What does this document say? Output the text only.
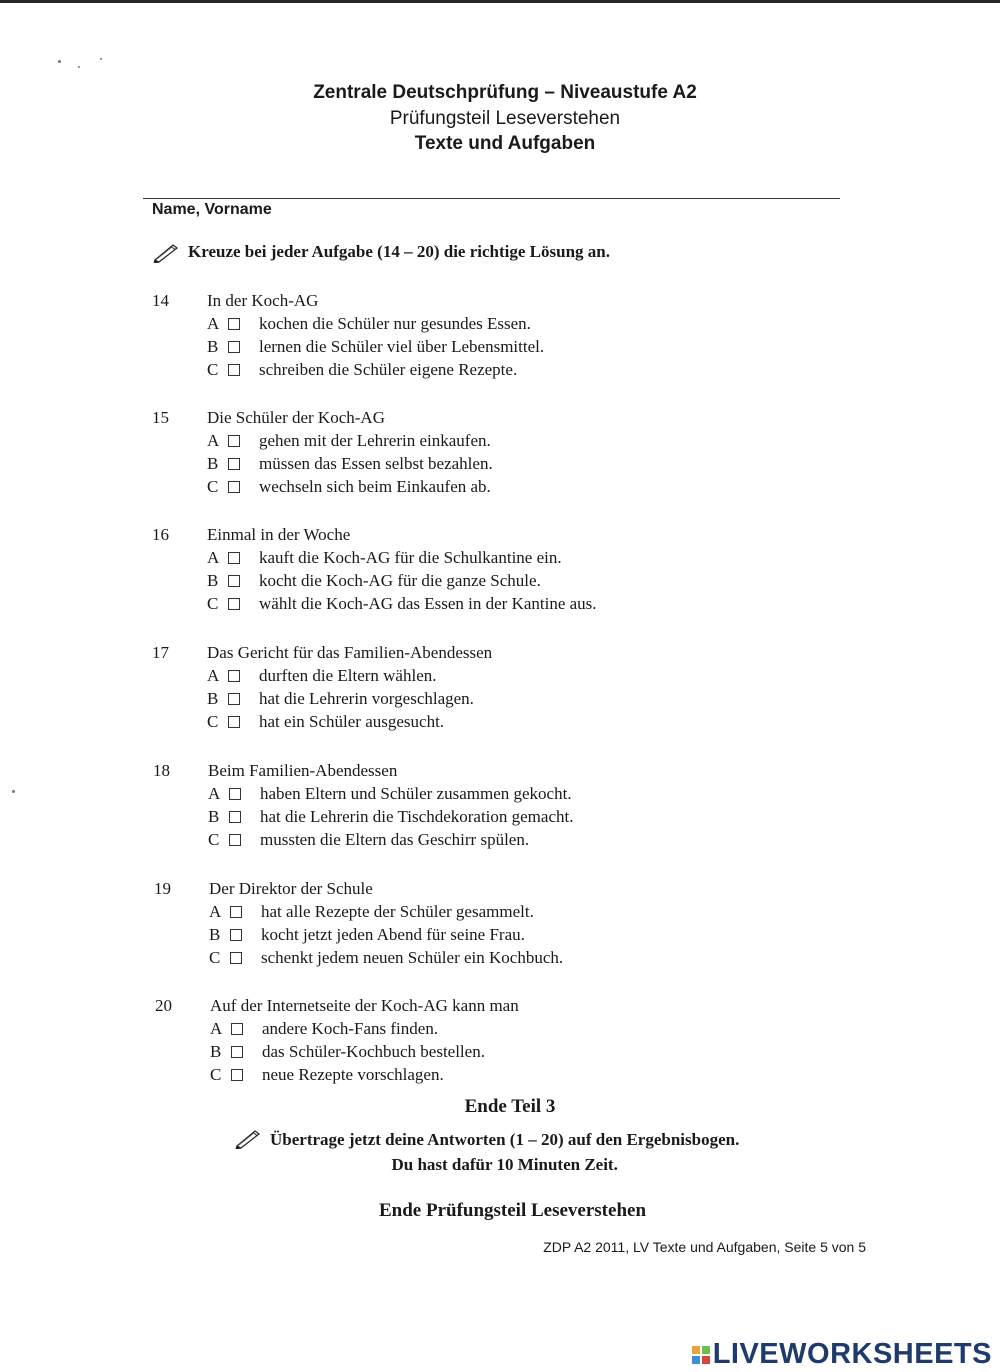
Zentrale Deutschprüfung – Niveaustufe A2
Prüfungsteil Leseverstehen
Texte und Aufgaben
Name, Vorname
Kreuze bei jeder Aufgabe (14 – 20) die richtige Lösung an.
14	In der Koch-AG
A kochen die Schüler nur gesundes Essen.
B lernen die Schüler viel über Lebensmittel.
C schreiben die Schüler eigene Rezepte.
15	Die Schüler der Koch-AG
A gehen mit der Lehrerin einkaufen.
B müssen das Essen selbst bezahlen.
C wechseln sich beim Einkaufen ab.
16	Einmal in der Woche
A kauft die Koch-AG für die Schulkantine ein.
B kocht die Koch-AG für die ganze Schule.
C wählt die Koch-AG das Essen in der Kantine aus.
17	Das Gericht für das Familien-Abendessen
A durften die Eltern wählen.
B hat die Lehrerin vorgeschlagen.
C hat ein Schüler ausgesucht.
18	Beim Familien-Abendessen
A haben Eltern und Schüler zusammen gekocht.
B hat die Lehrerin die Tischdekoration gemacht.
C mussten die Eltern das Geschirr spülen.
19	Der Direktor der Schule
A hat alle Rezepte der Schüler gesammelt.
B kocht jetzt jeden Abend für seine Frau.
C schenkt jedem neuen Schüler ein Kochbuch.
20	Auf der Internetseite der Koch-AG kann man
A andere Koch-Fans finden.
B das Schüler-Kochbuch bestellen.
C neue Rezepte vorschlagen.
Ende Teil 3
Übertrage jetzt deine Antworten (1 – 20) auf den Ergebnisbogen.
Du hast dafür 10 Minuten Zeit.
Ende Prüfungsteil Leseverstehen
ZDP A2 2011, LV Texte und Aufgaben, Seite 5 von 5
LIVEWORKSHEETS
